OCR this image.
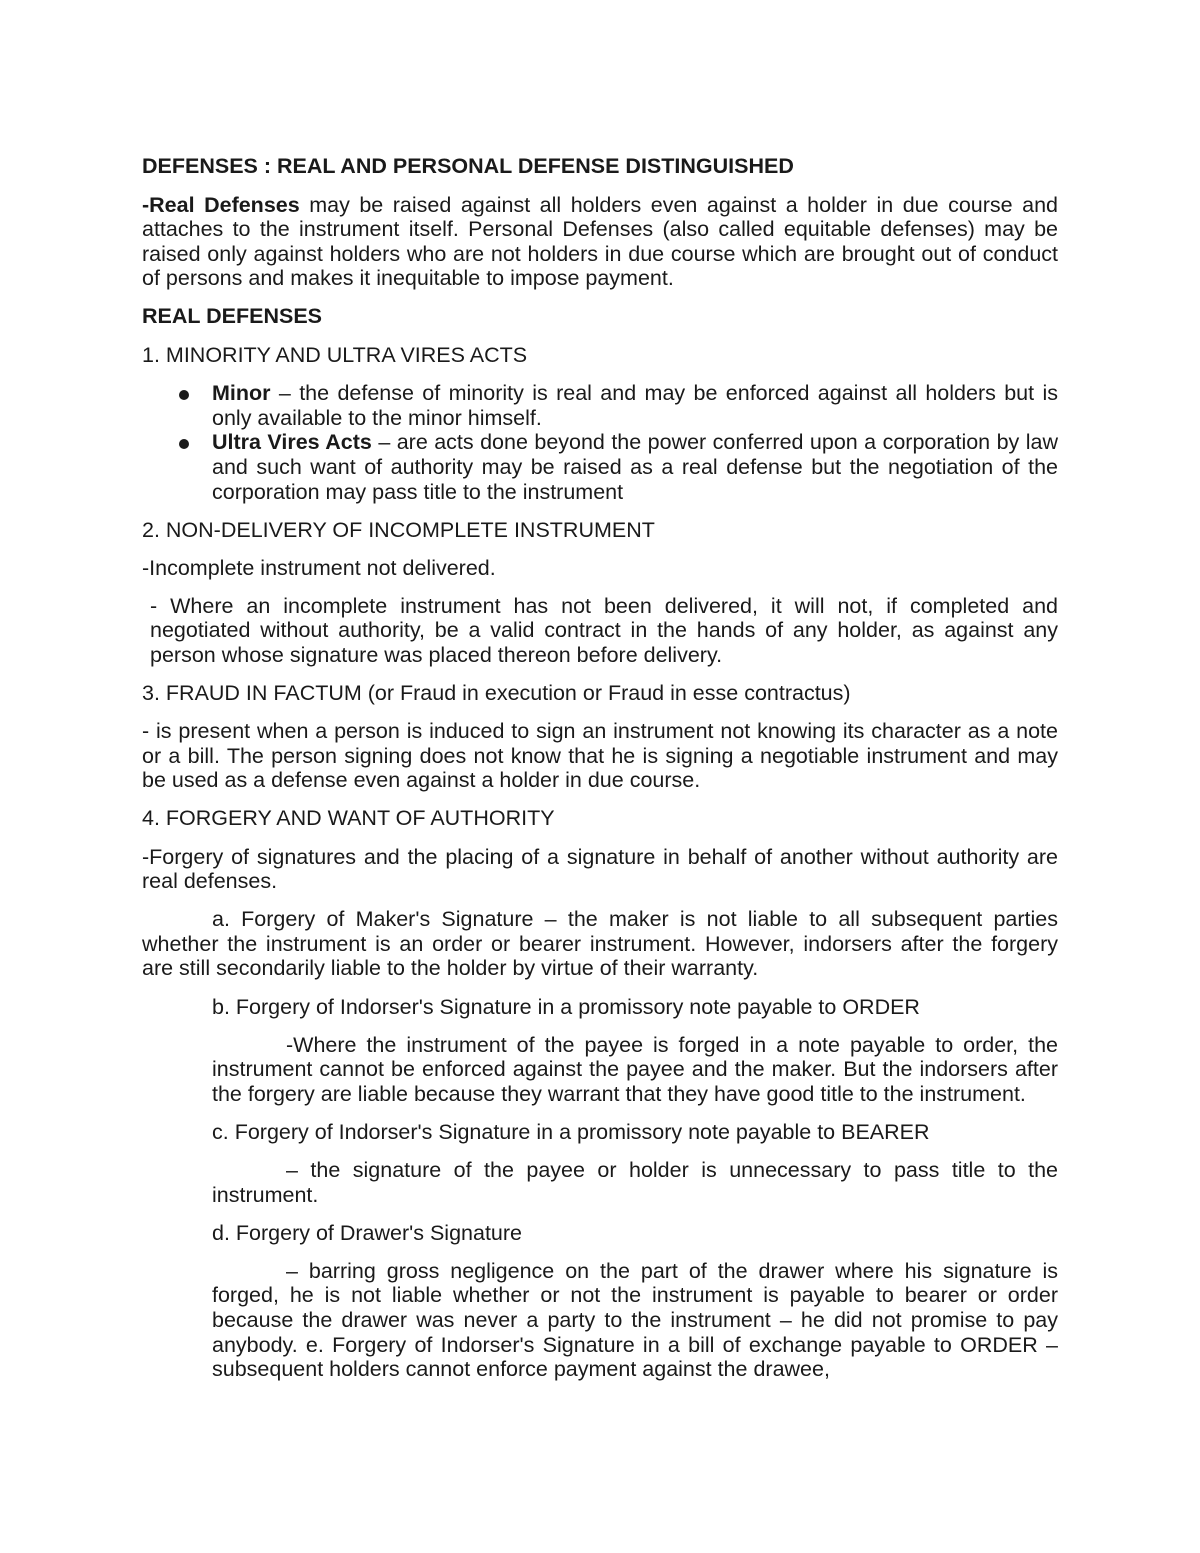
DEFENSES : REAL AND PERSONAL DEFENSE DISTINGUISHED

-Real Defenses may be raised against all holders even against a holder in due course and attaches to the instrument itself. Personal Defenses (also called equitable defenses) may be raised only against holders who are not holders in due course which are brought out of conduct of persons and makes it inequitable to impose payment.

REAL DEFENSES

1. MINORITY AND ULTRA VIRES ACTS

Minor – the defense of minority is real and may be enforced against all holders but is only available to the minor himself.
Ultra Vires Acts – are acts done beyond the power conferred upon a corporation by law and such want of authority may be raised as a real defense but the negotiation of the corporation may pass title to the instrument

2. NON-DELIVERY OF INCOMPLETE INSTRUMENT

-Incomplete instrument not delivered.

- Where an incomplete instrument has not been delivered, it will not, if completed and negotiated without authority, be a valid contract in the hands of any holder, as against any person whose signature was placed thereon before delivery.

3. FRAUD IN FACTUM (or Fraud in execution or Fraud in esse contractus)

- is present when a person is induced to sign an instrument not knowing its character as a note or a bill. The person signing does not know that he is signing a negotiable instrument and may be used as a defense even against a holder in due course.

4. FORGERY AND WANT OF AUTHORITY

-Forgery of signatures and the placing of a signature in behalf of another without authority are real defenses.

a. Forgery of Maker's Signature – the maker is not liable to all subsequent parties whether the instrument is an order or bearer instrument. However, indorsers after the forgery are still secondarily liable to the holder by virtue of their warranty.

b. Forgery of Indorser's Signature in a promissory note payable to ORDER

-Where the instrument of the payee is forged in a note payable to order, the instrument cannot be enforced against the payee and the maker. But the indorsers after the forgery are liable because they warrant that they have good title to the instrument.

c. Forgery of Indorser's Signature in a promissory note payable to BEARER

– the signature of the payee or holder is unnecessary to pass title to the instrument.

d. Forgery of Drawer's Signature

– barring gross negligence on the part of the drawer where his signature is forged, he is not liable whether or not the instrument is payable to bearer or order because the drawer was never a party to the instrument – he did not promise to pay anybody. e. Forgery of Indorser's Signature in a bill of exchange payable to ORDER – subsequent holders cannot enforce payment against the drawee,
